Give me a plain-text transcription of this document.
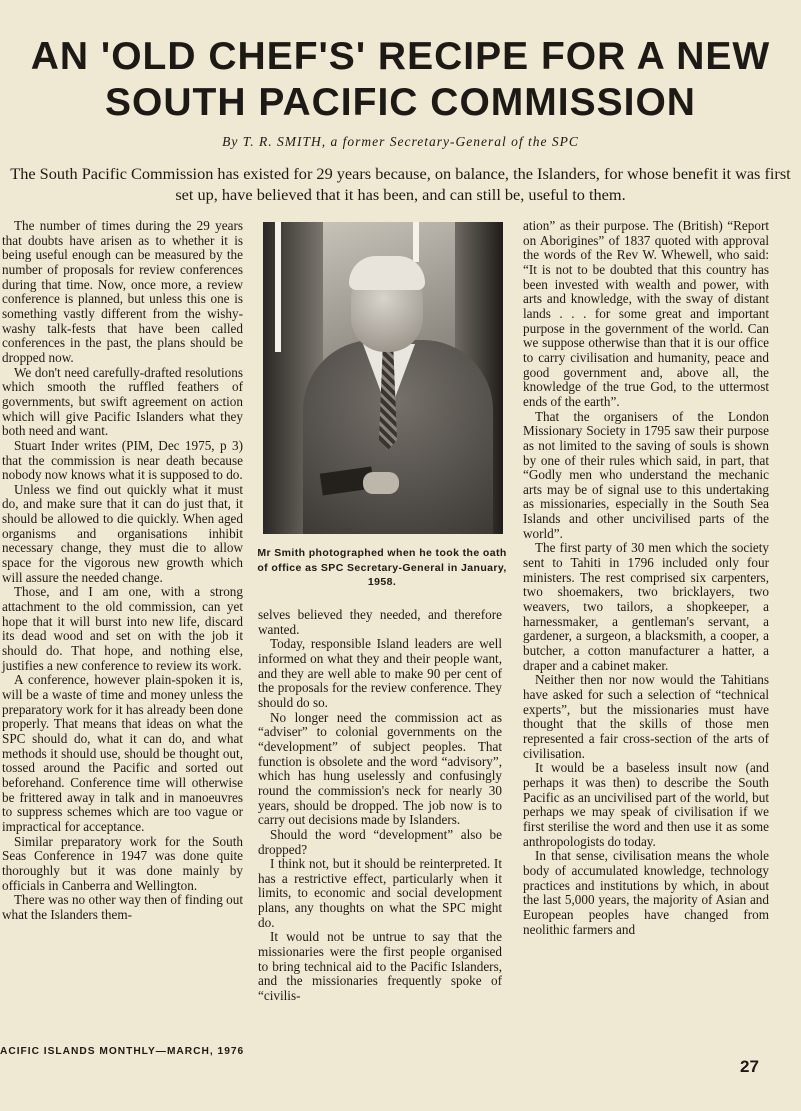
AN 'OLD CHEF'S' RECIPE FOR A NEW
SOUTH PACIFIC COMMISSION
By T. R. SMITH, a former Secretary-General of the SPC

The South Pacific Commission has existed for 29 years because, on balance, the Islanders, for whose benefit it was first set up, have believed that it has been, and can still be, useful to them.

The number of times during the 29 years that doubts have arisen as to whether it is being useful enough can be measured by the number of proposals for review conferences during that time. Now, once more, a review conference is planned, but unless this one is something vastly different from the wishy-washy talk-fests that have been called conferences in the past, the plans should be dropped now.

We don't need carefully-drafted resolutions which smooth the ruffled feathers of governments, but swift agreement on action which will give Pacific Islanders what they both need and want.

Stuart Inder writes (PIM, Dec 1975, p 3) that the commission is near death because nobody now knows what it is supposed to do.

Unless we find out quickly what it must do, and make sure that it can do just that, it should be allowed to die quickly. When aged organisms and organisations inhibit necessary change, they must die to allow space for the vigorous new growth which will assure the needed change.

Those, and I am one, with a strong attachment to the old commission, can yet hope that it will burst into new life, discard its dead wood and set on with the job it should do. That hope, and nothing else, justifies a new conference to review its work.

A conference, however plain-spoken it is, will be a waste of time and money unless the preparatory work for it has already been done properly. That means that ideas on what the SPC should do, what it can do, and what methods it should use, should be thought out, tossed around the Pacific and sorted out beforehand. Conference time will otherwise be frittered away in talk and in manoeuvres to suppress schemes which are too vague or impractical for acceptance.

Similar preparatory work for the South Seas Conference in 1947 was done quite thoroughly but it was done mainly by officials in Canberra and Wellington.

There was no other way then of finding out what the Islanders them-

Mr Smith photographed when he took the oath of office as SPC Secretary-General in January, 1958.

selves believed they needed, and therefore wanted.

Today, responsible Island leaders are well informed on what they and their people want, and they are well able to make 90 per cent of the proposals for the review conference. They should do so.

No longer need the commission act as “adviser” to colonial governments on the “development” of subject peoples. That function is obsolete and the word “advisory”, which has hung uselessly and confusingly round the commission's neck for nearly 30 years, should be dropped. The job now is to carry out decisions made by Islanders.

Should the word “development” also be dropped?

I think not, but it should be reinterpreted. It has a restrictive effect, particularly when it limits, to economic and social development plans, any thoughts on what the SPC might do.

It would not be untrue to say that the missionaries were the first people organised to bring technical aid to the Pacific Islanders, and the missionaries frequently spoke of “civilis-

ation” as their purpose. The (British) “Report on Aborigines” of 1837 quoted with approval the words of the Rev W. Whewell, who said: “It is not to be doubted that this country has been invested with wealth and power, with arts and knowledge, with the sway of distant lands . . . for some great and important purpose in the government of the world. Can we suppose otherwise than that it is our office to carry civilisation and humanity, peace and good government and, above all, the knowledge of the true God, to the uttermost ends of the earth”.

That the organisers of the London Missionary Society in 1795 saw their purpose as not limited to the saving of souls is shown by one of their rules which said, in part, that “Godly men who understand the mechanic arts may be of signal use to this undertaking as missionaries, especially in the South Sea Islands and other uncivilised parts of the world”.

The first party of 30 men which the society sent to Tahiti in 1796 included only four ministers. The rest comprised six carpenters, two shoemakers, two bricklayers, two weavers, two tailors, a shopkeeper, a harnessmaker, a gentleman's servant, a gardener, a surgeon, a blacksmith, a cooper, a butcher, a cotton manufacturer a hatter, a draper and a cabinet maker.

Neither then nor now would the Tahitians have asked for such a selection of “technical experts”, but the missionaries must have thought that the skills of those men represented a fair cross-section of the arts of civilisation.

It would be a baseless insult now (and perhaps it was then) to describe the South Pacific as an uncivilised part of the world, but perhaps we may speak of civilisation if we first sterilise the word and then use it as some anthropologists do today.

In that sense, civilisation means the whole body of accumulated knowledge, technology practices and institutions by which, in about the last 5,000 years, the majority of Asian and European peoples have changed from neolithic farmers and

ACIFIC ISLANDS MONTHLY—MARCH, 1976
27
